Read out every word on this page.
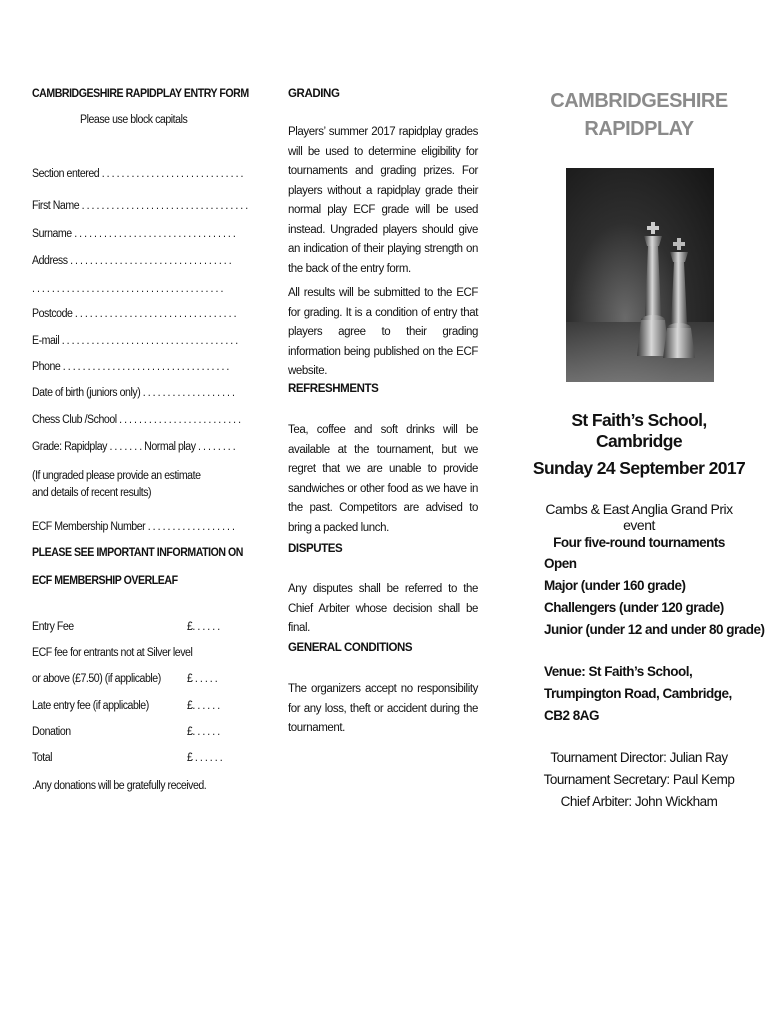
CAMBRIDGESHIRE RAPIDPLAY ENTRY FORM
Please use block capitals
Section entered . . . . . . . . . . . . . . . . . . . . . . . . . . . . .
First Name . . . . . . . . . . . . . . . . . . . . . . . . . . . . . . . . . .
Surname . . . . . . . . . . . . . . . . . . . . . . . . . . . . . . . . .
Address . . . . . . . . . . . . . . . . . . . . . . . . . . . . . . . . .
. . . . . . . . . . . . . . . . . . . . . . . . . . . . . . . . . . . . . . .
Postcode . . . . . . . . . . . . . . . . . . . . . . . . . . . . . . . . .
E-mail . . . . . . . . . . . . . . . . . . . . . . . . . . . . . . . . . . . .
Phone . . . . . . . . . . . . . . . . . . . . . . . . . . . . . . . . . .
Date of birth (juniors only) . . . . . . . . . . . . . . . . . . .
Chess Club /School . . . . . . . . . . . . . . . . . . . . . . . . .
Grade: Rapidplay . . . . . . . Normal play . . . . . . . .
(If ungraded please provide an estimate and details of recent results)
ECF Membership Number . . . . . . . . . . . . . . . . . .
PLEASE SEE IMPORTANT INFORMATION ON
ECF MEMBERSHIP OVERLEAF
Entry Fee	£. . . . . .
ECF fee for entrants not at Silver level
or above (£7.50) (if applicable) £ . . . . .
Late entry fee (if applicable)	£. . . . . .
Donation	£. . . . . .
Total	£ . . . . . .
.Any donations will be gratefully received.
GRADING
Players’ summer 2017 rapidplay grades will be used to determine eligibility for tournaments and grading prizes. For players without a rapidplay grade their normal play ECF grade will be used instead. Ungraded players should give an indication of their playing strength on the back of the entry form.
All results will be submitted to the ECF for grading. It is a condition of entry that players agree to their grading information being published on the ECF website.
REFRESHMENTS
Tea, coffee and soft drinks will be available at the tournament, but we regret that we are unable to provide sandwiches or other food as we have in the past. Competitors are advised to bring a packed lunch.
DISPUTES
Any disputes shall be referred to the Chief Arbiter whose decision shall be final.
GENERAL CONDITIONS
The organizers accept no responsibility for any loss, theft or accident during the tournament.
CAMBRIDGESHIRE
RAPIDPLAY
St Faith’s School, Cambridge
Sunday 24 September 2017
Cambs & East Anglia Grand Prix event
Four five-round tournaments
Open
Major (under 160 grade)
Challengers (under 120 grade)
Junior (under 12 and under 80 grade)
Venue: St Faith’s School,
Trumpington Road, Cambridge,
CB2 8AG
Tournament Director: Julian Ray
Tournament Secretary: Paul Kemp
Chief Arbiter: John Wickham
